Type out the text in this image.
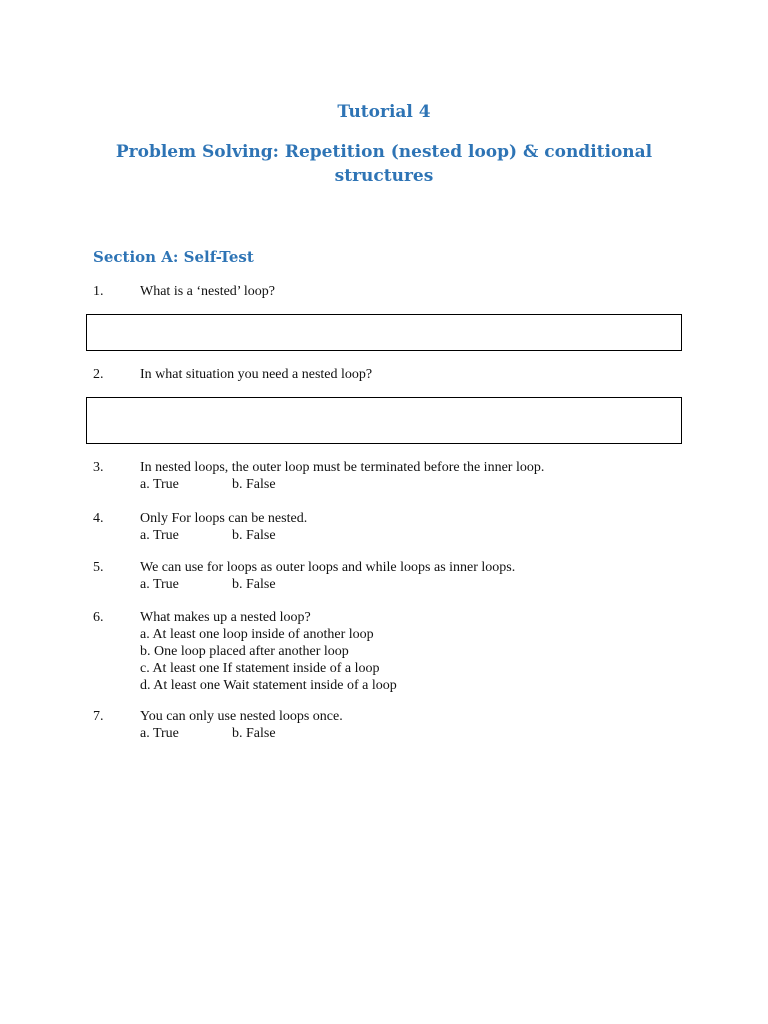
Tutorial 4
Problem Solving: Repetition (nested loop) & conditional structures
Section A: Self-Test
1.	What is a ‘nested’ loop?
2.	In what situation you need a nested loop?
3.	In nested loops, the outer loop must be terminated before the inner loop.
a. True	b. False
4.	Only For loops can be nested.
a. True	b. False
5.	We can use for loops as outer loops and while loops as inner loops.
a. True	b. False
6.	What makes up a nested loop?
a. At least one loop inside of another loop
b. One loop placed after another loop
c. At least one If statement inside of a loop
d. At least one Wait statement inside of a loop
7.	You can only use nested loops once.
a. True	b. False
